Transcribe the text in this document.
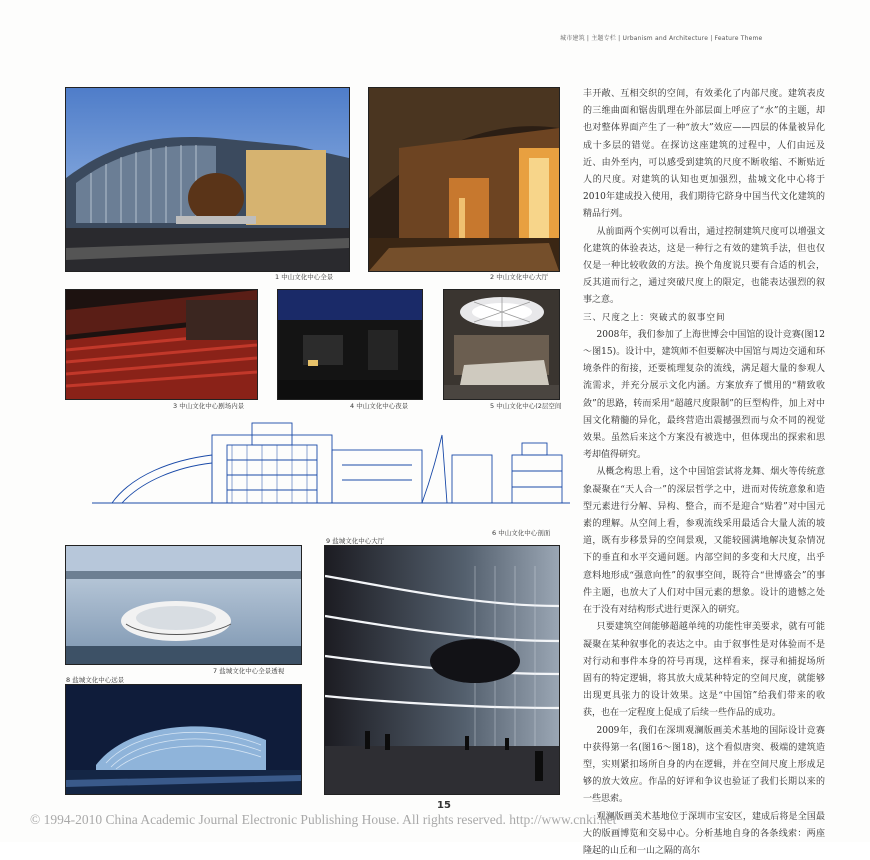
城市建筑 | 主题专栏 | Urbanism and Architecture | Feature Theme
1 中山文化中心全景	2 中山文化中心大厅
3 中山文化中心剧场内景	4 中山文化中心夜景	5 中山文化中心(2层空间
6 中山文化中心剖面
7 盐城文化中心全景透视
8 盐城文化中心远景
9 盐城文化中心大厅

丰开敞、互相交织的空间，有效柔化了内部尺度。建筑表皮的三维曲面和锯齿肌理在外部层面上呼应了“水”的主题，却也对整体界面产生了一种“放大”效应——四层的体量被异化成十多层的错觉。在探访这座建筑的过程中，人们由远及近、由外至内，可以感受到建筑的尺度不断收缩、不断贴近人的尺度。对建筑的认知也更加强烈，盐城文化中心将于2010年建成投入使用，我们期待它跻身中国当代文化建筑的精品行列。

从前面两个实例可以看出，通过控制建筑尺度可以增强文化建筑的体验表达，这是一种行之有效的建筑手法，但也仅仅是一种比较收敛的方法。换个角度说只要有合适的机会，反其道而行之，通过突破尺度上的限定，也能表达强烈的叙事之意。

三、尺度之上：突破式的叙事空间

2008年，我们参加了上海世博会中国馆的设计竞赛(图12～图15)。设计中，建筑师不但要解决中国馆与周边交通和环境条件的衔接，还要梳理复杂的流线，满足超大量的参观人流需求，并充分展示文化内涵。方案放弃了惯用的“精致收敛”的思路，转而采用“超越尺度限制”的巨型构件，加上对中国文化精髓的异化，最终营造出震撼强烈而与众不同的视觉效果。虽然后来这个方案没有被选中，但体现出的探索和思考却值得研究。

从概念构思上看，这个中国馆尝试将龙舞、烟火等传统意象凝聚在“天人合一”的深层哲学之中，进而对传统意象和造型元素进行分解、异构、整合，而不是迎合“贴着”对中国元素的理解。从空间上看，参观流线采用最适合大量人流的坡道，既有步移景异的空间景观，又能较圆满地解决复杂情况下的垂直和水平交通问题。内部空间的多变和大尺度，出乎意料地形成“强意向性”的叙事空间，既符合“世博盛会”的事件主题，也放大了人们对中国元素的想象。设计的遗憾之处在于没有对结构形式进行更深入的研究。

只要建筑空间能够超越单纯的功能性审美要求，就有可能凝聚在某种叙事化的表达之中。由于叙事性是对体验而不是对行动和事件本身的符号再现，这样看来，探寻和捕捉场所固有的特定逻辑，将其放大成某种特定的空间尺度，就能够出现更具张力的设计效果。这是“中国馆”给我们带来的收获，也在一定程度上促成了后续一些作品的成功。

2009年，我们在深圳观澜版画美术基地的国际设计竞赛中获得第一名(图16～图18)，这个看似唐突、极端的建筑造型，实则紧扣场所自身的内在逻辑，并在空间尺度上形成足够的放大效应。作品的好评和争议也验证了我们长期以来的一些思索。

观澜版画美术基地位于深圳市宝安区，建成后将是全国最大的版画博览和交易中心。分析基地自身的各条线索：两座隆起的山丘和一山之隔的高尔

15
© 1994-2010 China Academic Journal Electronic Publishing House. All rights reserved. http://www.cnki.net
